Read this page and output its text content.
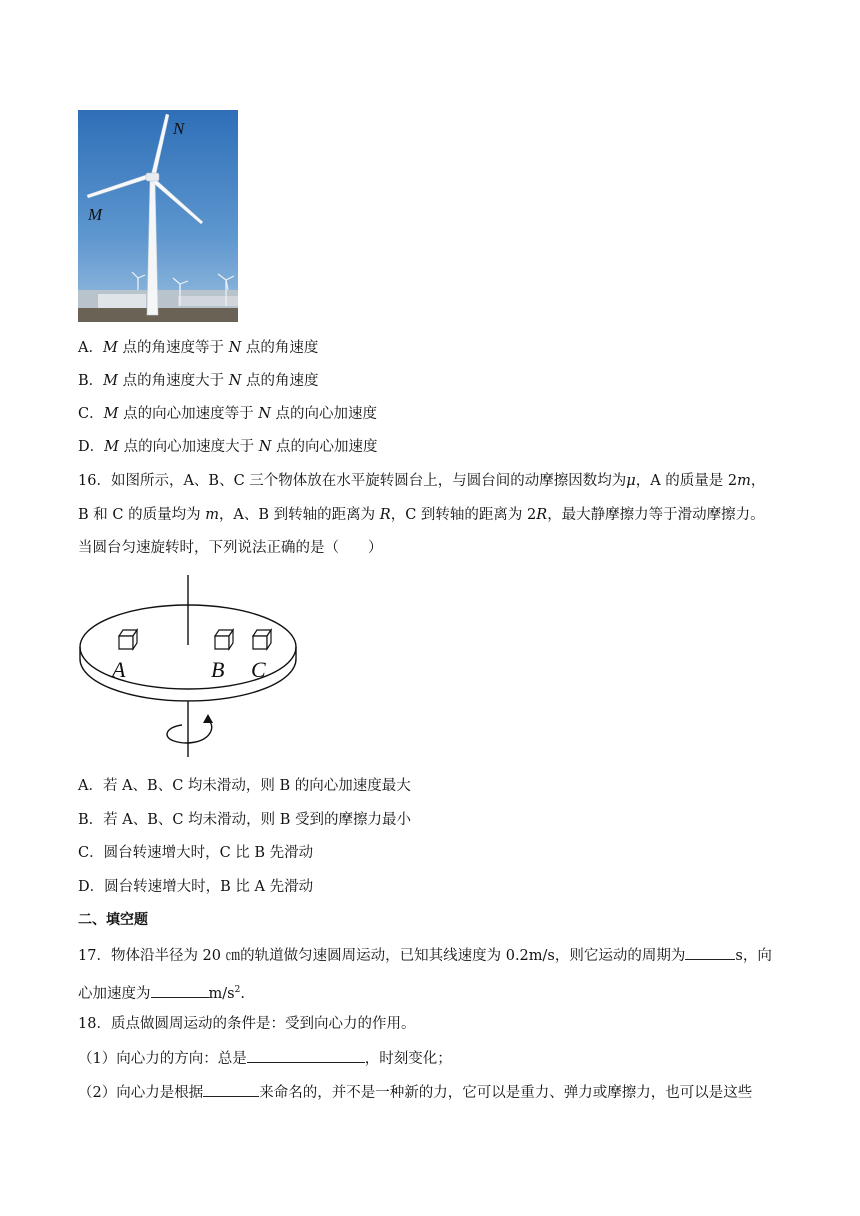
N
M
A．M 点的角速度等于 N 点的角速度
B．M 点的角速度大于 N 点的角速度
C．M 点的向心加速度等于 N 点的向心加速度
D．M 点的向心加速度大于 N 点的向心加速度
16．如图所示，A、B、C 三个物体放在水平旋转圆台上，与圆台间的动摩擦因数均为μ，A 的质量是 2m，
B 和 C 的质量均为 m，A、B 到转轴的距离为 R，C 到转轴的距离为 2R，最大静摩擦力等于滑动摩擦力。
当圆台匀速旋转时，下列说法正确的是（　　）
A	B C
A．若 A、B、C 均未滑动，则 B 的向心加速度最大
B．若 A、B、C 均未滑动，则 B 受到的摩擦力最小
C．圆台转速增大时，C 比 B 先滑动
D．圆台转速增大时，B 比 A 先滑动
二、填空题
17．物体沿半径为 20 ㎝的轨道做匀速圆周运动，已知其线速度为 0.2m/s，则它运动的周期为	s，向
心加速度为	$m/s^2$.
18．质点做圆周运动的条件是：受到向心力的作用。
（1）向心力的方向：总是	，时刻变化；
（2）向心力是根据	来命名的，并不是一种新的力，它可以是重力、弹力或摩擦力，也可以是这些
